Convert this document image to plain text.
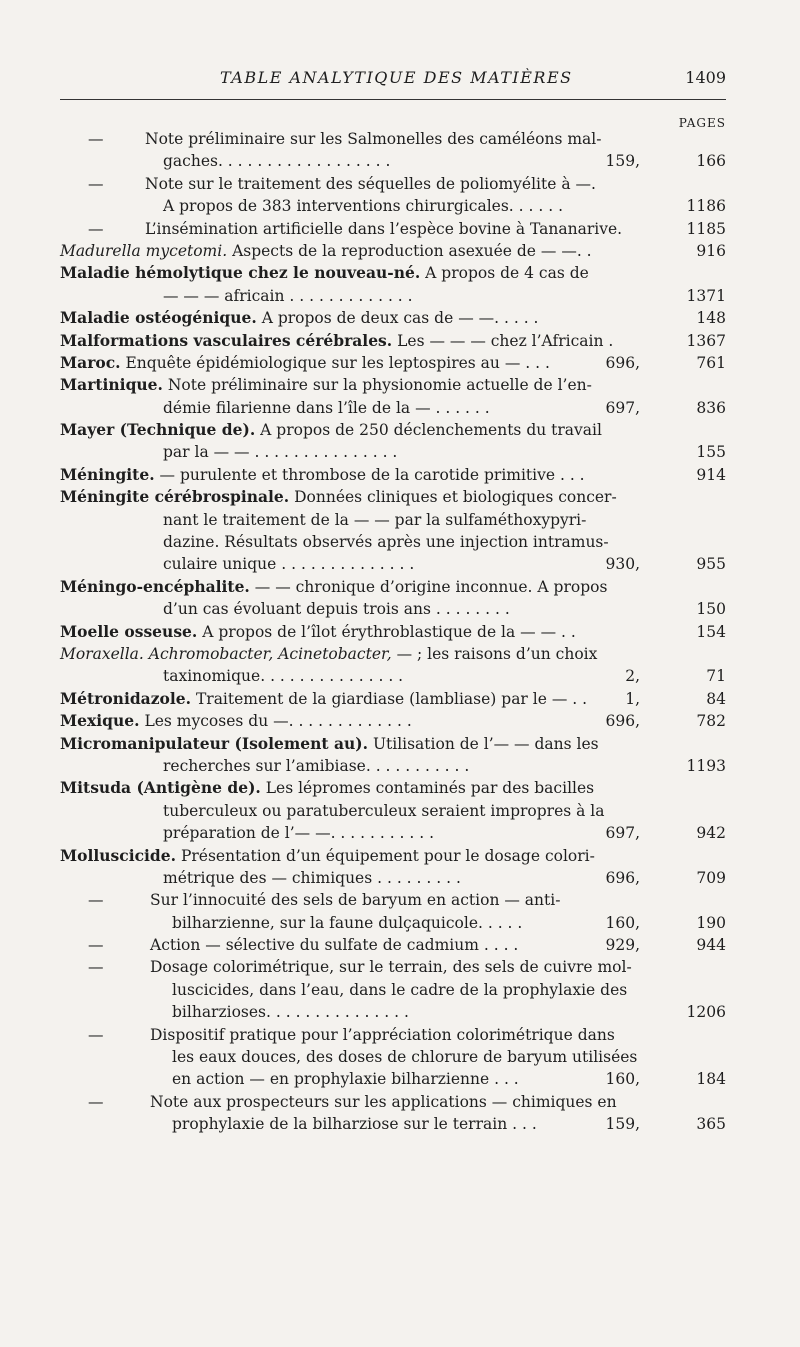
TABLE ANALYTIQUE DES MATIÈRES	1409
PAGES
—	Note préliminaire sur les Salmonelles des caméléons mal-
gaches. . . . . . . . . . . . . . . . . .	159,	166
—	Note sur le traitement des séquelles de poliomyélite à —.
A propos de 383 interventions chirurgicales. . . . . .	1186
—	L’insémination artificielle dans l’espèce bovine à Tananarive.	1185
Madurella mycetomi. Aspects de la reproduction asexuée de — —. .	916
Maladie hémolytique chez le nouveau-né. A propos de 4 cas de
— — — africain . . . . . . . . . . . . .	1371
Maladie ostéogénique. A propos de deux cas de — —. . . . .	148
Malformations vasculaires cérébrales. Les — — — chez l’Africain .	1367
Maroc. Enquête épidémiologique sur les leptospires au — . . .	696,	761
Martinique. Note préliminaire sur la physionomie actuelle de l’en-
démie filarienne dans l’île de la — . . . . . .	697,	836
Mayer (Technique de). A propos de 250 déclenchements du travail
par la — — . . . . . . . . . . . . . . .	155
Méningite. — purulente et thrombose de la carotide primitive . . .	914
Méningite cérébrospinale. Données cliniques et biologiques concer-
nant le traitement de la — — par la sulfaméthoxypyri-
dazine. Résultats observés après une injection intramus-
culaire unique . . . . . . . . . . . . . .	930,	955
Méningo-encéphalite. — — chronique d’origine inconnue. A propos
d’un cas évoluant depuis trois ans . . . . . . . .	150
Moelle osseuse. A propos de l’îlot érythroblastique de la — — . .	154
Moraxella. Achromobacter, Acinetobacter, — ; les raisons d’un choix
taxinomique. . . . . . . . . . . . . . .	2,	71
Métronidazole. Traitement de la giardiase (lambliase) par le — . . 1,	84
Mexique. Les mycoses du —. . . . . . . . . . . . .	696,	782
Micromanipulateur (Isolement au). Utilisation de l’— — dans les
recherches sur l’amibiase. . . . . . . . . . .	1193
Mitsuda (Antigène de). Les lépromes contaminés par des bacilles
tuberculeux ou paratuberculeux seraient impropres à la
préparation de l’— —. . . . . . . . . . .	697,	942
Molluscicide. Présentation d’un équipement pour le dosage colori-
métrique des — chimiques . . . . . . . . .	696,	709
—	Sur l’innocuité des sels de baryum en action — anti-
bilharzienne, sur la faune dulçaquicole. . . . .	160,	190
—	Action — sélective du sulfate de cadmium . . . .	929,	944
—	Dosage colorimétrique, sur le terrain, des sels de cuivre mol-
luscicides, dans l’eau, dans le cadre de la prophylaxie des
bilharzioses. . . . . . . . . . . . . . .	1206
—	Dispositif pratique pour l’appréciation colorimétrique dans
les eaux douces, des doses de chlorure de baryum utilisées
en action — en prophylaxie bilharzienne . . .	160,	184
—	Note aux prospecteurs sur les applications — chimiques en
prophylaxie de la bilharziose sur le terrain . . .	159,	365
